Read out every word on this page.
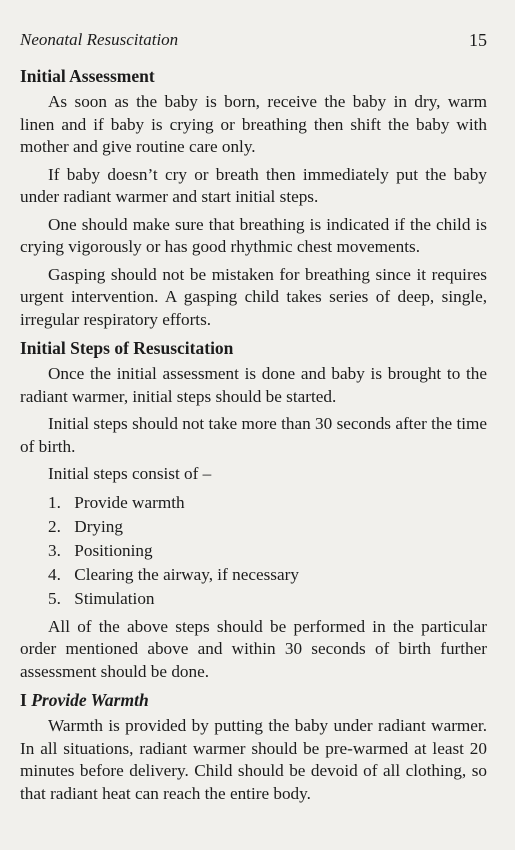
Neonatal Resuscitation	15
Initial Assessment

As soon as the baby is born, receive the baby in dry, warm linen and if baby is crying or breathing then shift the baby with mother and give routine care only.

If baby doesn’t cry or breath then immediately put the baby under radiant warmer and start initial steps.

One should make sure that breathing is indicated if the child is crying vigorously or has good rhythmic chest movements.

Gasping should not be mistaken for breathing since it requires urgent intervention. A gasping child takes series of deep, single, irregular respiratory efforts.

Initial Steps of Resuscitation

Once the initial assessment is done and baby is brought to the radiant warmer, initial steps should be started.

Initial steps should not take more than 30 seconds after the time of birth.

Initial steps consist of –

1. Provide warmth
2. Drying
3. Positioning
4. Clearing the airway, if necessary
5. Stimulation

All of the above steps should be performed in the particular order mentioned above and within 30 seconds of birth further assessment should be done.

I Provide Warmth

Warmth is provided by putting the baby under radiant warmer. In all situations, radiant warmer should be pre-warmed at least 20 minutes before delivery. Child should be devoid of all clothing, so that radiant heat can reach the entire body.
